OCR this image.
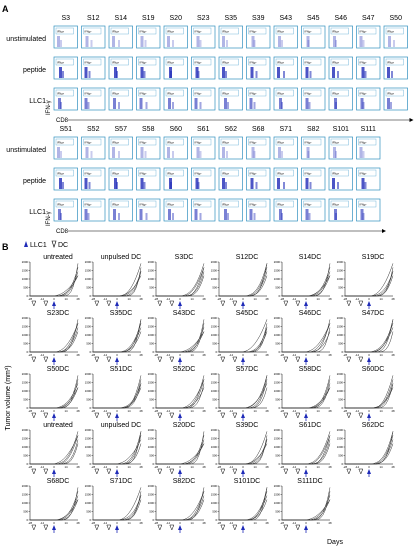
A
S3 S12 S14 S19 S20 S23 S35 S39 S43 S45 S46 S47 S50
unstimulated
IFNg+	IFNg+	IFNg+	IFNg+	IFNg+	IFNg+	IFNg+	IFNg+	IFNg+	IFNg+	IFNg+	IFNg+	IFNg+
peptide
IFNg+	IFNg+	IFNg+	IFNg+	IFNg+	IFNg+	IFNg+	IFNg+	IFNg+	IFNg+	IFNg+	IFNg+	IFNg+
LLC1
IFNg+	IFNg+	IFNg+	IFNg+	IFNg+	IFNg+	IFNg+	IFNg+	IFNg+	IFNg+	IFNg+	IFNg+	IFNg+
CD8
IFN-γ
S51 S52 S57 S58 S60 S61 S62 S68 S71 S82 S101 S111
unstimulated
IFNg+	IFNg+	IFNg+	IFNg+	IFNg+	IFNg+	IFNg+	IFNg+	IFNg+	IFNg+	IFNg+	IFNg+
peptide
IFNg+	IFNg+	IFNg+	IFNg+	IFNg+	IFNg+	IFNg+	IFNg+	IFNg+	IFNg+	IFNg+	IFNg+
LLC1
IFNg+	IFNg+	IFNg+	IFNg+	IFNg+	IFNg+	IFNg+	IFNg+	IFNg+	IFNg+	IFNg+	IFNg+
CD8
IFN-γ
B	LLC1 DC
Tumor volume (mm³)
untreated
2000
1500
1000
500
0
-28	-14	0	14	28
unpulsed DC
2000
1500
1000
500
0
-28	-14	0	14	28
S3DC
2000
1500
1000
500
0
-28	-14	0	14	28
S12DC
2000
1500
1000
500
0
-28	-14	0	14	28
S14DC
2000
1500
1000
500
0
-28	-14	0	14	28
S19DC
2000
1500
1000
500
0
-28	-14	0	14	28
S23DC
2000
1500
1000
500
0
-28	-14	0	14	28
S35DC
2000
1500
1000
500
0
-28	-14	0	14	28
S43DC
2000
1500
1000
500
0
-28	-14	0	14	28
S45DC
2000
1500
1000
500
0
-28	-14	0	14	28
S46DC
2000
1500
1000
500
0
-28	-14	0	14	28
S47DC
2000
1500
1000
500
0
-28	-14	0	14	28
S50DC
2000
1500
1000
500
0
-28	-14	0	14	28
S51DC
2000
1500
1000
500
0
-28	-14	0	14	28
S52DC
2000
1500
1000
500
0
-28	-14	0	14	28
S57DC
2000
1500
1000
500
0
-28	-14	0	14	28
S58DC
2000
1500
1000
500
0
-28	-14	0	14	28
S60DC
2000
1500
1000
500
0
-28	-14	0	14	28
untreated
2000
1500
1000
500
0
-28	-14	0	14	28
unpulsed DC
2000
1500
1000
500
0
-28	-14	0	14	28
S20DC
2000
1500
1000
500
0
-28	-14	0	14	28
S39DC
2000
1500
1000
500
0
-28	-14	0	14	28
S61DC
2000
1500
1000
500
0
-28	-14	0	14	28
S62DC
2000
1500
1000
500
0
-28	-14	0	14	28
S68DC
2000
1500
1000
500
0
-28	-14	0	14	28
S71DC
2000
1500
1000
500
0
-28	-14	0	14	28
S82DC
2000
1500
1000
500
0
-28	-14	0	14	28
S101DC
2000
1500
1000
500
0
-28	-14	0	14	28
S111DC
2000
1500
1000
500
0
-28	-14	0	14	28
Days
